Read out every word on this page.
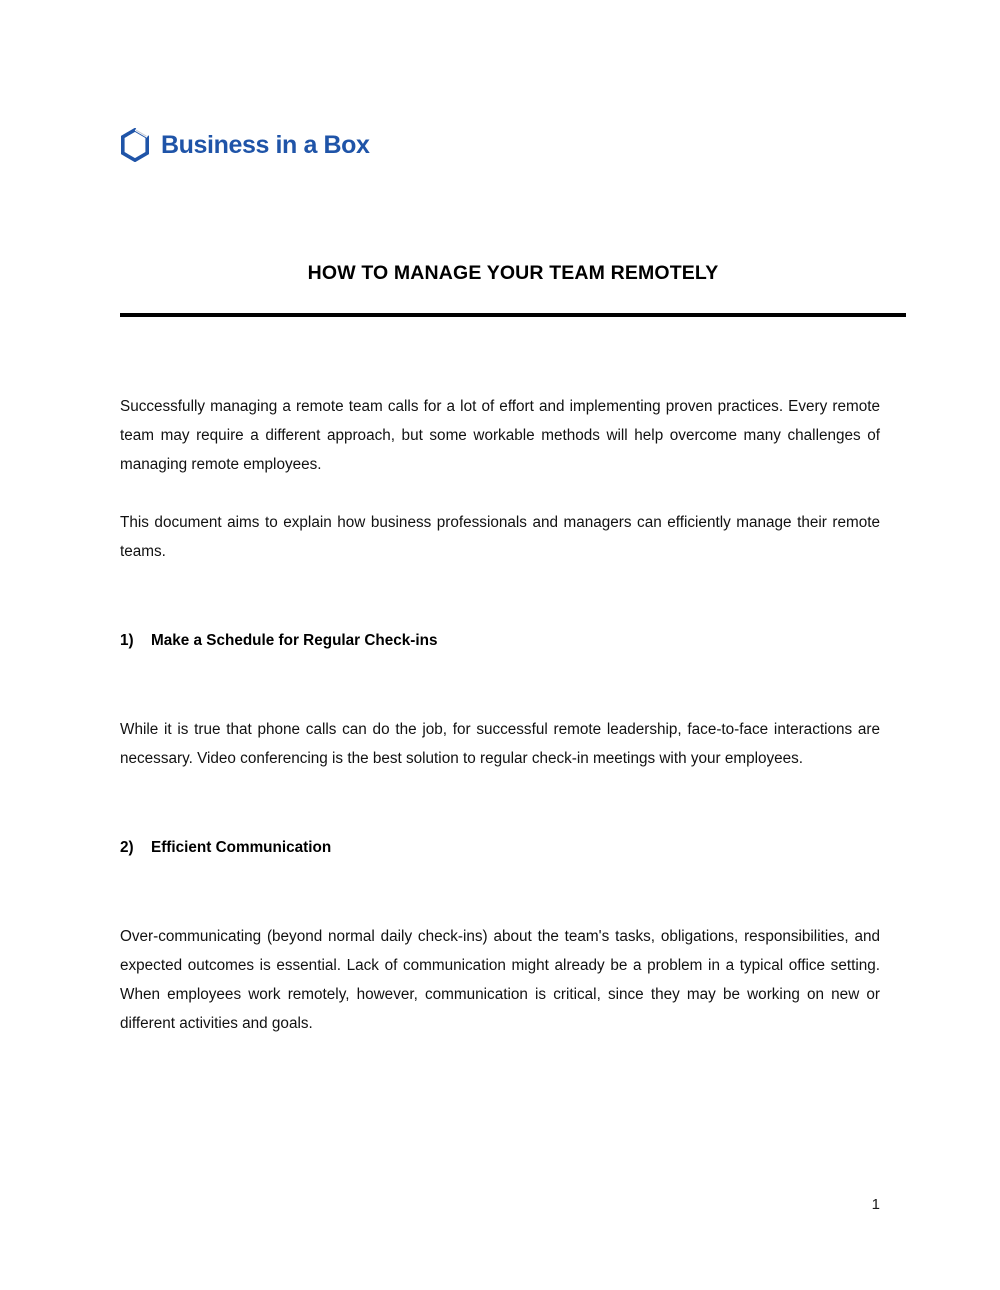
Business in a Box
HOW TO MANAGE YOUR TEAM REMOTELY

Successfully managing a remote team calls for a lot of effort and implementing proven practices. Every remote team may require a different approach, but some workable methods will help overcome many challenges of managing remote employees.

This document aims to explain how business professionals and managers can efficiently manage their remote teams.

1) Make a Schedule for Regular Check-ins

While it is true that phone calls can do the job, for successful remote leadership, face-to-face interactions are necessary. Video conferencing is the best solution to regular check-in meetings with your employees.

2) Efficient Communication

Over-communicating (beyond normal daily check-ins) about the team's tasks, obligations, responsibilities, and expected outcomes is essential. Lack of communication might already be a problem in a typical office setting. When employees work remotely, however, communication is critical, since they may be working on new or different activities and goals.

1
